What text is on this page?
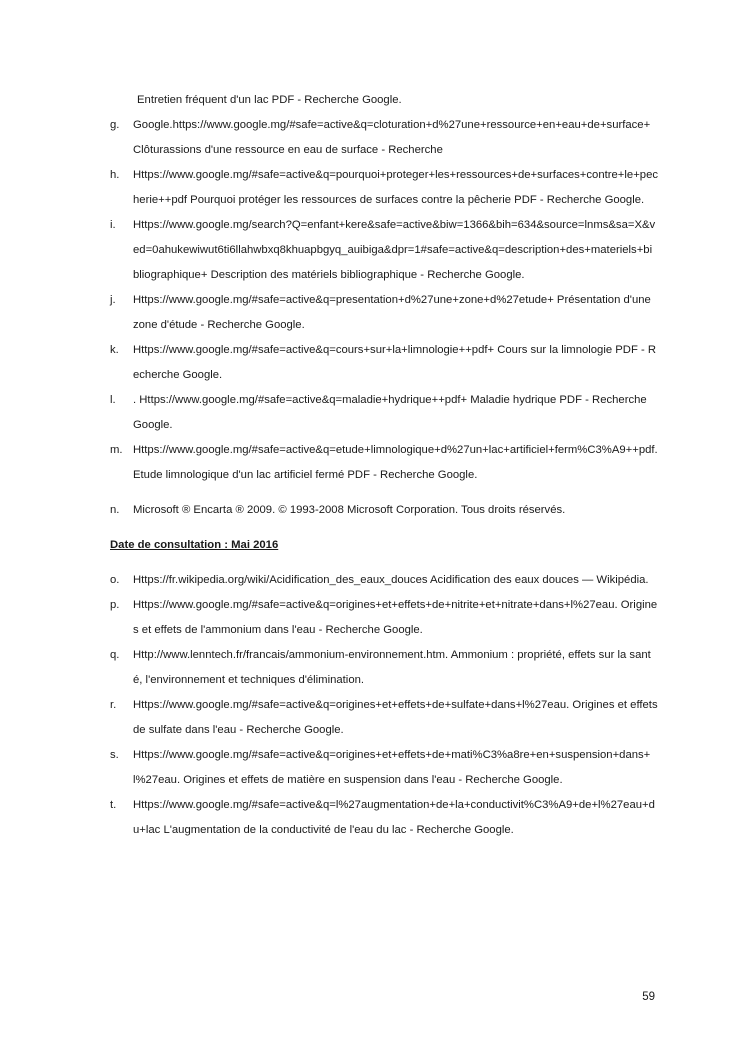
Entretien fréquent d'un lac PDF - Recherche Google.
g. Google.https://www.google.mg/#safe=active&q=cloturation+d%27une+ressource+en+eau+de+surface+ Clôturassions d'une ressource en eau de surface - Recherche
h. Https://www.google.mg/#safe=active&q=pourquoi+proteger+les+ressources+de+surfaces+contre+le+pecherie++pdf Pourquoi protéger les ressources de surfaces contre la pêcherie PDF - Recherche Google.
i. Https://www.google.mg/search?Q=enfant+kere&safe=active&biw=1366&bih=634&source=lnms&sa=X&ved=0ahukewiwut6ti6llahwbxq8khuapbgyq_auibiga&dpr=1#safe=active&q=description+des+materiels+bibliographique+ Description des matériels bibliographique - Recherche Google.
j. Https://www.google.mg/#safe=active&q=presentation+d%27une+zone+d%27etude+ Présentation d'une zone d'étude - Recherche Google.
k. Https://www.google.mg/#safe=active&q=cours+sur+la+limnologie++pdf+ Cours sur la limnologie PDF - Recherche Google.
l. . Https://www.google.mg/#safe=active&q=maladie+hydrique++pdf+ Maladie hydrique PDF - Recherche Google.
m. Https://www.google.mg/#safe=active&q=etude+limnologique+d%27un+lac+artificiel+ferm%C3%A9++pdf. Etude limnologique d'un lac artificiel fermé PDF - Recherche Google.
n. Microsoft ® Encarta ® 2009. © 1993-2008 Microsoft Corporation. Tous droits réservés.
Date de consultation : Mai 2016
o. Https://fr.wikipedia.org/wiki/Acidification_des_eaux_douces Acidification des eaux douces — Wikipédia.
p. Https://www.google.mg/#safe=active&q=origines+et+effets+de+nitrite+et+nitrate+dans+l%27eau. Origines et effets de l'ammonium dans l'eau - Recherche Google.
q. Http://www.lenntech.fr/francais/ammonium-environnement.htm. Ammonium : propriété, effets sur la santé, l'environnement et techniques d'élimination.
r. Https://www.google.mg/#safe=active&q=origines+et+effets+de+sulfate+dans+l%27eau. Origines et effets de sulfate dans l'eau - Recherche Google.
s. Https://www.google.mg/#safe=active&q=origines+et+effets+de+mati%C3%a8re+en+suspension+dans+l%27eau. Origines et effets de matière en suspension dans l'eau - Recherche Google.
t. Https://www.google.mg/#safe=active&q=l%27augmentation+de+la+conductivit%C3%A9+de+l%27eau+du+lac L'augmentation de la conductivité de l'eau du lac - Recherche Google.
59
